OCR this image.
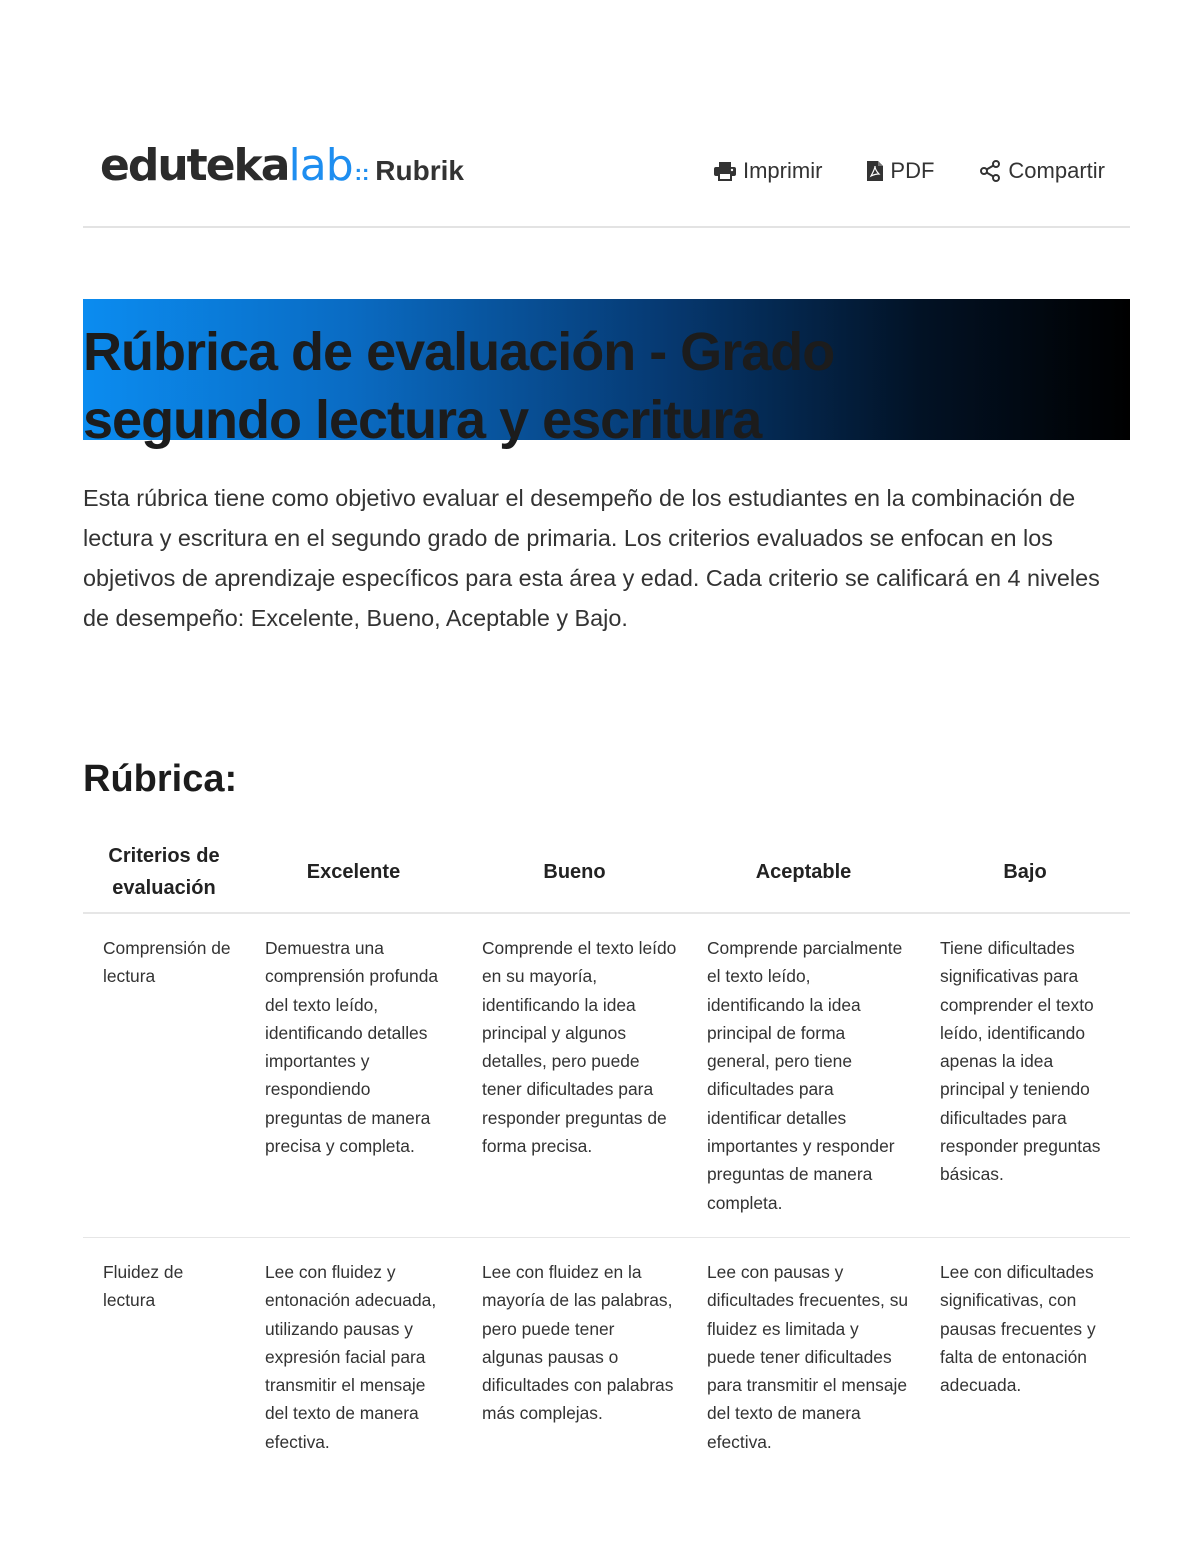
eduteka lab :: Rubrik	Imprimir	PDF	Compartir
Rúbrica de evaluación - Grado segundo lectura y escritura

Esta rúbrica tiene como objetivo evaluar el desempeño de los estudiantes en la combinación de lectura y escritura en el segundo grado de primaria. Los criterios evaluados se enfocan en los objetivos de aprendizaje específicos para esta área y edad. Cada criterio se calificará en 4 niveles de desempeño: Excelente, Bueno, Aceptable y Bajo.

Rúbrica:
Criterios de evaluación	Excelente	Bueno	Aceptable	Bajo
Comprensión de lectura	Demuestra una comprensión profunda del texto leído, identificando detalles importantes y respondiendo preguntas de manera precisa y completa.	Comprende el texto leído en su mayoría, identificando la idea principal y algunos detalles, pero puede tener dificultades para responder preguntas de forma precisa.	Comprende parcialmente el texto leído, identificando la idea principal de forma general, pero tiene dificultades para identificar detalles importantes y responder preguntas de manera completa.	Tiene dificultades significativas para comprender el texto leído, identificando apenas la idea principal y teniendo dificultades para responder preguntas básicas.
Fluidez de lectura	Lee con fluidez y entonación adecuada, utilizando pausas y expresión facial para transmitir el mensaje del texto de manera efectiva.	Lee con fluidez en la mayoría de las palabras, pero puede tener algunas pausas o dificultades con palabras más complejas.	Lee con pausas y dificultades frecuentes, su fluidez es limitada y puede tener dificultades para transmitir el mensaje del texto de manera efectiva.	Lee con dificultades significativas, con pausas frecuentes y falta de entonación adecuada.
